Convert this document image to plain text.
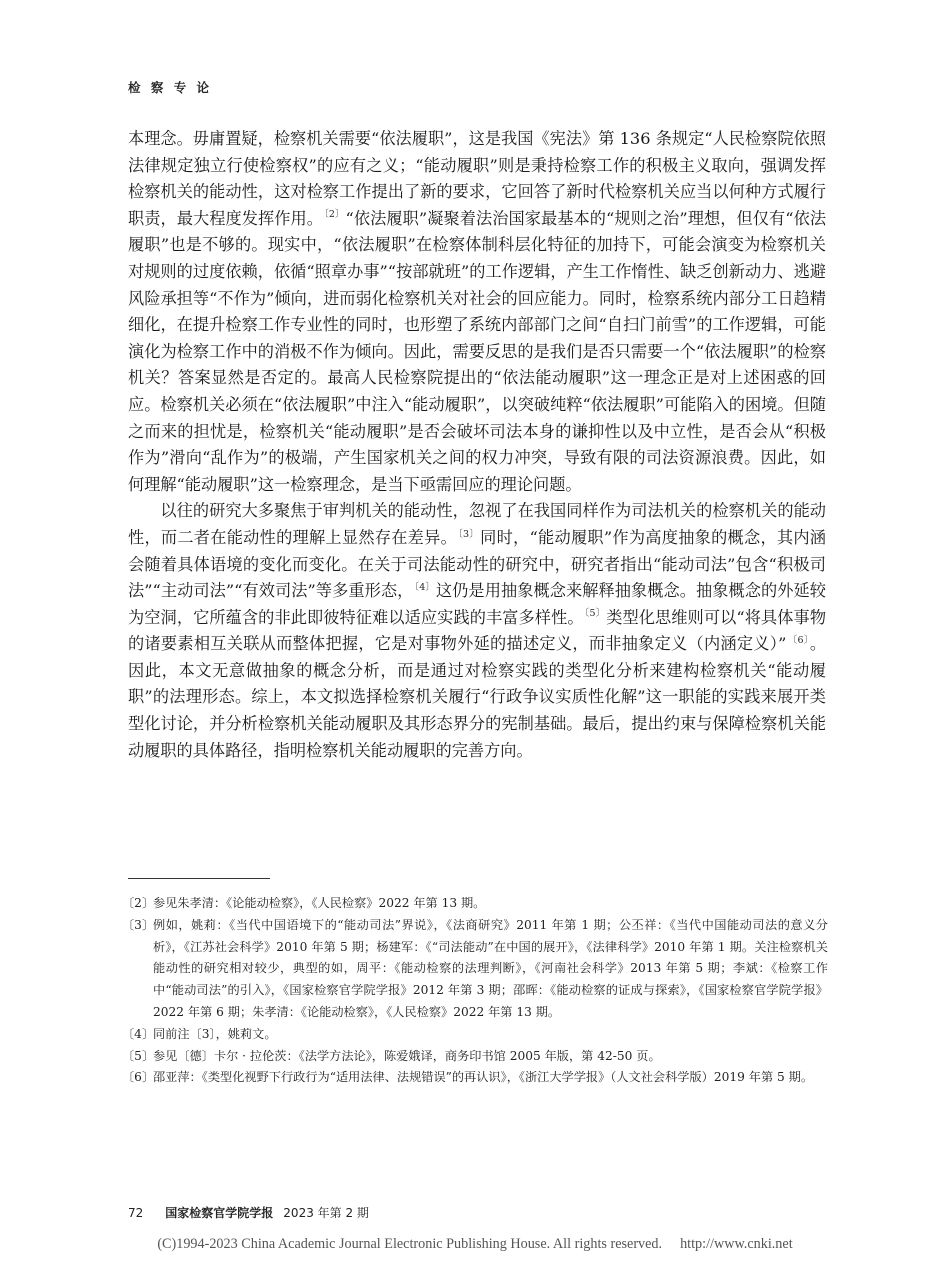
检 察 专 论

本理念。毋庸置疑，检察机关需要“依法履职”，这是我国《宪法》第 136 条规定“人民检察院依照法律规定独立行使检察权”的应有之义；“能动履职”则是秉持检察工作的积极主义取向，强调发挥检察机关的能动性，这对检察工作提出了新的要求，它回答了新时代检察机关应当以何种方式履行职责，最大程度发挥作用。$^{〔2〕}$“依法履职”凝聚着法治国家最基本的“规则之治”理想，但仅有“依法履职”也是不够的。现实中，“依法履职”在检察体制科层化特征的加持下，可能会演变为检察机关对规则的过度依赖，依循“照章办事”“按部就班”的工作逻辑，产生工作惰性、缺乏创新动力、逃避风险承担等“不作为”倾向，进而弱化检察机关对社会的回应能力。同时，检察系统内部分工日趋精细化，在提升检察工作专业性的同时，也形塑了系统内部部门之间“自扫门前雪”的工作逻辑，可能演化为检察工作中的消极不作为倾向。因此，需要反思的是我们是否只需要一个“依法履职”的检察机关？答案显然是否定的。最高人民检察院提出的“依法能动履职”这一理念正是对上述困惑的回应。检察机关必须在“依法履职”中注入“能动履职”，以突破纯粹“依法履职”可能陷入的困境。但随之而来的担忧是，检察机关“能动履职”是否会破坏司法本身的谦抑性以及中立性，是否会从“积极作为”滑向“乱作为”的极端，产生国家机关之间的权力冲突，导致有限的司法资源浪费。因此，如何理解“能动履职”这一检察理念，是当下亟需回应的理论问题。

以往的研究大多聚焦于审判机关的能动性，忽视了在我国同样作为司法机关的检察机关的能动性，而二者在能动性的理解上显然存在差异。$^{〔3〕}$同时，“能动履职”作为高度抽象的概念，其内涵会随着具体语境的变化而变化。在关于司法能动性的研究中，研究者指出“能动司法”包含“积极司法”“主动司法”“有效司法”等多重形态，$^{〔4〕}$这仍是用抽象概念来解释抽象概念。抽象概念的外延较为空洞，它所蕴含的非此即彼特征难以适应实践的丰富多样性。$^{〔5〕}$类型化思维则可以“将具体事物的诸要素相互关联从而整体把握，它是对事物外延的描述定义，而非抽象定义（内涵定义）”$^{〔6〕}$。因此，本文无意做抽象的概念分析，而是通过对检察实践的类型化分析来建构检察机关“能动履职”的法理形态。综上，本文拟选择检察机关履行“行政争议实质性化解”这一职能的实践来展开类型化讨论，并分析检察机关能动履职及其形态界分的宪制基础。最后，提出约束与保障检察机关能动履职的具体路径，指明检察机关能动履职的完善方向。

〔2〕
参见朱孝清：《论能动检察》，《人民检察》2022 年第 13 期。
〔3〕
例如，姚莉：《当代中国语境下的“能动司法”界说》，《法商研究》2011 年第 1 期；公丕祥：《当代中国能动司法的意义分析》，《江苏社会科学》2010 年第 5 期；杨建军：《“司法能动”在中国的展开》，《法律科学》2010 年第 1 期。关注检察机关能动性的研究相对较少，典型的如，周平：《能动检察的法理判断》，《河南社会科学》2013 年第 5 期；李斌：《检察工作中“能动司法”的引入》，《国家检察官学院学报》2012 年第 3 期；邵晖：《能动检察的证成与探索》，《国家检察官学院学报》2022 年第 6 期；朱孝清：《论能动检察》，《人民检察》2022 年第 13 期。
〔4〕
同前注〔3〕，姚莉文。
〔5〕
参见〔德〕卡尔 · 拉伦茨：《法学方法论》，陈爱娥译，商务印书馆 2005 年版，第 42-50 页。
〔6〕
邵亚萍：《类型化视野下行政行为“适用法律、法规错误”的再认识》，《浙江大学学报》（人文社会科学版）2019 年第 5 期。
72 国家检察官学院学报 2023 年第 2 期
(C)1994-2023 China Academic Journal Electronic Publishing House. All rights reserved. http://www.cnki.net
